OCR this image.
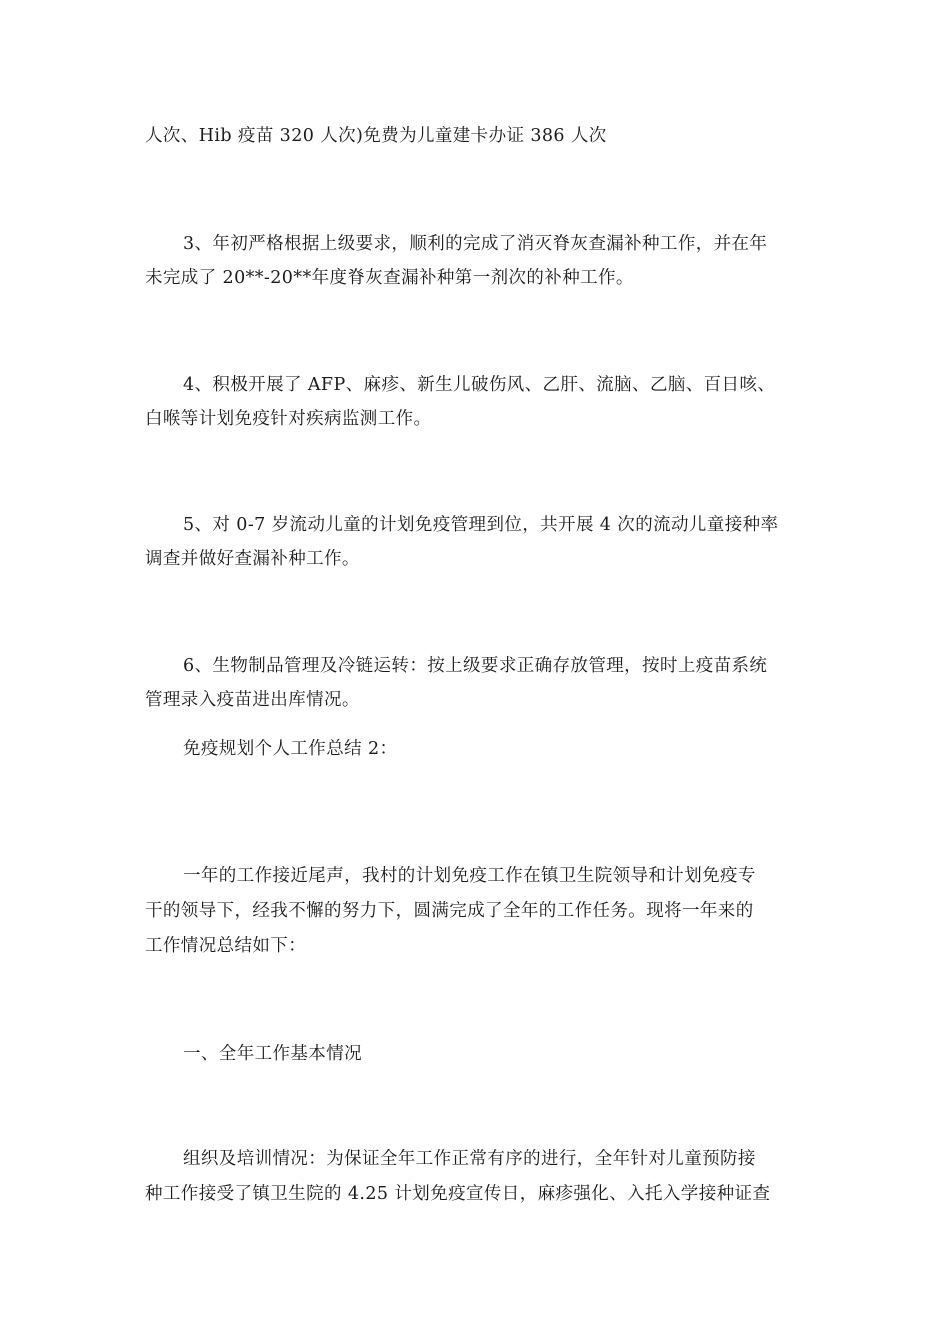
人次、Hib 疫苗 320 人次)免费为儿童建卡办证 386 人次
3、年初严格根据上级要求，顺利的完成了消灭脊灰查漏补种工作，并在年
未完成了 20**-20**年度脊灰查漏补种第一剂次的补种工作。
4、积极开展了 AFP、麻疹、新生儿破伤风、乙肝、流脑、乙脑、百日咳、
白喉等计划免疫针对疾病监测工作。
5、对 0-7 岁流动儿童的计划免疫管理到位，共开展 4 次的流动儿童接种率
调查并做好查漏补种工作。
6、生物制品管理及冷链运转：按上级要求正确存放管理，按时上疫苗系统
管理录入疫苗进出库情况。
免疫规划个人工作总结 2：
一年的工作接近尾声，我村的计划免疫工作在镇卫生院领导和计划免疫专
干的领导下，经我不懈的努力下，圆满完成了全年的工作任务。现将一年来的
工作情况总结如下：
一、全年工作基本情况
组织及培训情况：为保证全年工作正常有序的进行，全年针对儿童预防接
种工作接受了镇卫生院的 4.25 计划免疫宣传日，麻疹强化、入托入学接种证查
